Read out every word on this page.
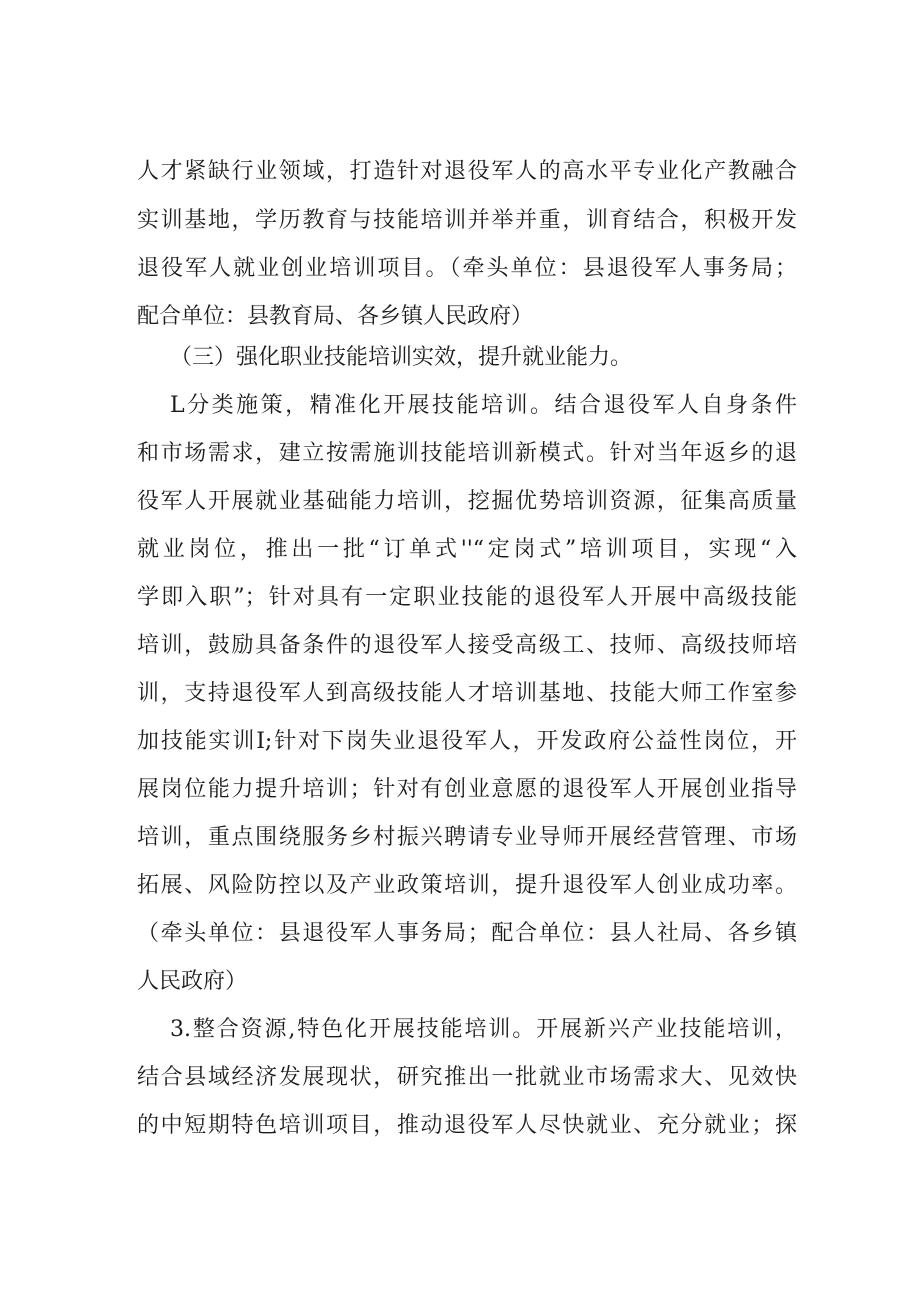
人才紧缺行业领域，打造针对退役军人的高水平专业化产教融合
实训基地，学历教育与技能培训并举并重，训育结合，积极开发
退役军人就业创业培训项目。（牵头单位：县退役军人事务局；
配合单位：县教育局、各乡镇人民政府）
（三）强化职业技能培训实效，提升就业能力。
L分类施策，精准化开展技能培训。结合退役军人自身条件
和市场需求，建立按需施训技能培训新模式。针对当年返乡的退
役军人开展就业基础能力培训，挖掘优势培训资源，征集高质量
就业岗位，推出一批“订单式''“定岗式”培训项目，实现“入
学即入职”；针对具有一定职业技能的退役军人开展中高级技能
培训，鼓励具备条件的退役军人接受高级工、技师、高级技师培
训，支持退役军人到高级技能人才培训基地、技能大师工作室参
加技能实训I;针对下岗失业退役军人，开发政府公益性岗位，开
展岗位能力提升培训；针对有创业意愿的退役军人开展创业指导
培训，重点围绕服务乡村振兴聘请专业导师开展经营管理、市场
拓展、风险防控以及产业政策培训，提升退役军人创业成功率。
（牵头单位：县退役军人事务局；配合单位：县人社局、各乡镇
人民政府）
3.整合资源,特色化开展技能培训。开展新兴产业技能培训，
结合县域经济发展现状，研究推出一批就业市场需求大、见效快
的中短期特色培训项目，推动退役军人尽快就业、充分就业；探
